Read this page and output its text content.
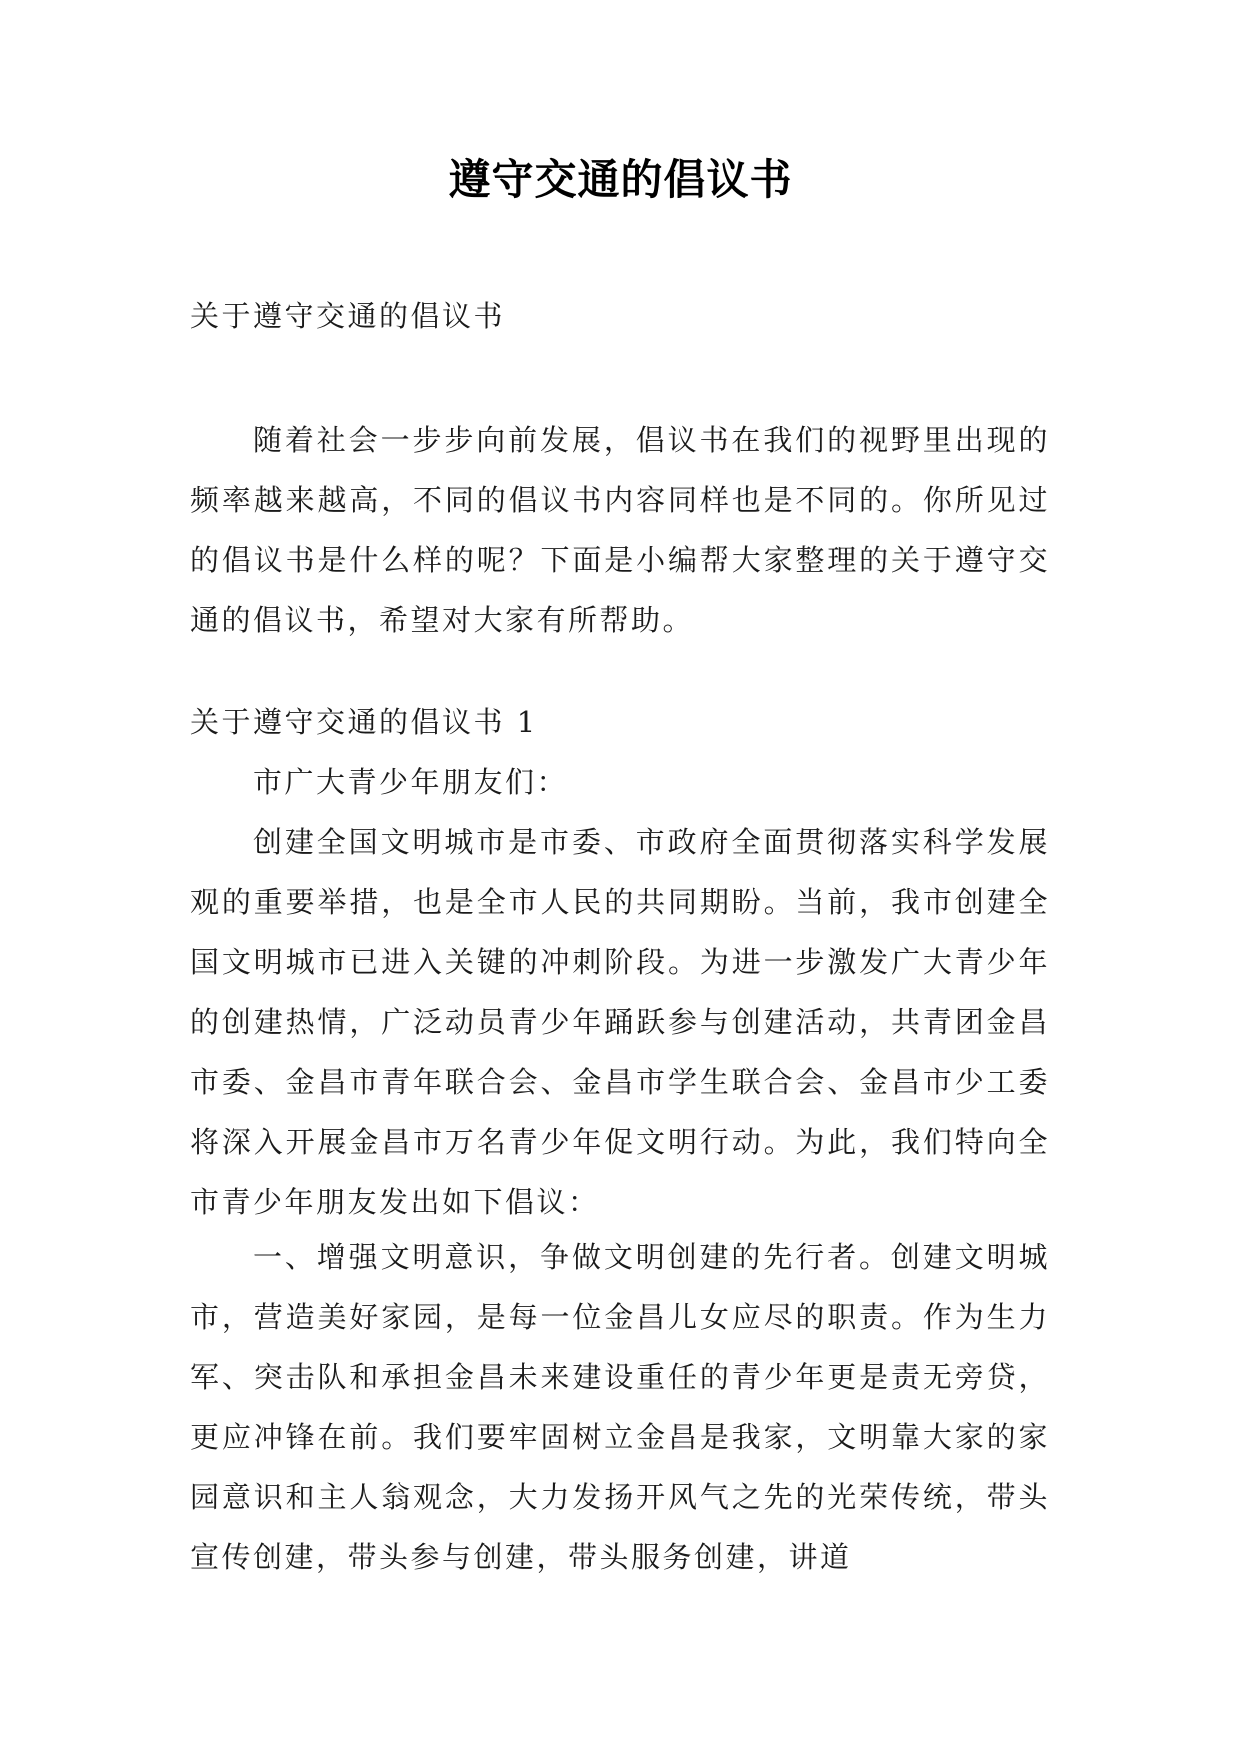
遵守交通的倡议书

关于遵守交通的倡议书

随着社会一步步向前发展，倡议书在我们的视野里出现的频率越来越高，不同的倡议书内容同样也是不同的。你所见过的倡议书是什么样的呢？下面是小编帮大家整理的关于遵守交通的倡议书，希望对大家有所帮助。

关于遵守交通的倡议书 1

市广大青少年朋友们：

创建全国文明城市是市委、市政府全面贯彻落实科学发展观的重要举措，也是全市人民的共同期盼。当前，我市创建全国文明城市已进入关键的冲刺阶段。为进一步激发广大青少年的创建热情，广泛动员青少年踊跃参与创建活动，共青团金昌市委、金昌市青年联合会、金昌市学生联合会、金昌市少工委将深入开展金昌市万名青少年促文明行动。为此，我们特向全市青少年朋友发出如下倡议：

一、增强文明意识，争做文明创建的先行者。创建文明城市，营造美好家园，是每一位金昌儿女应尽的职责。作为生力军、突击队和承担金昌未来建设重任的青少年更是责无旁贷，更应冲锋在前。我们要牢固树立金昌是我家，文明靠大家的家园意识和主人翁观念，大力发扬开风气之先的光荣传统，带头宣传创建，带头参与创建，带头服务创建，讲道
